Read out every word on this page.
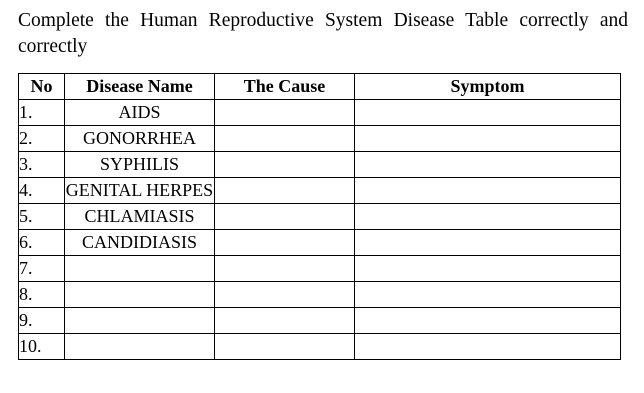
Complete the Human Reproductive System Disease Table correctly and correctly
No	Disease Name	The Cause	Symptom
1.	AIDS		
2.	GONORRHEA		
3.	SYPHILIS		
4.	GENITAL HERPES		
5.	CHLAMIASIS		
6.	CANDIDIASIS		
7.			
8.			
9.			
10.			
